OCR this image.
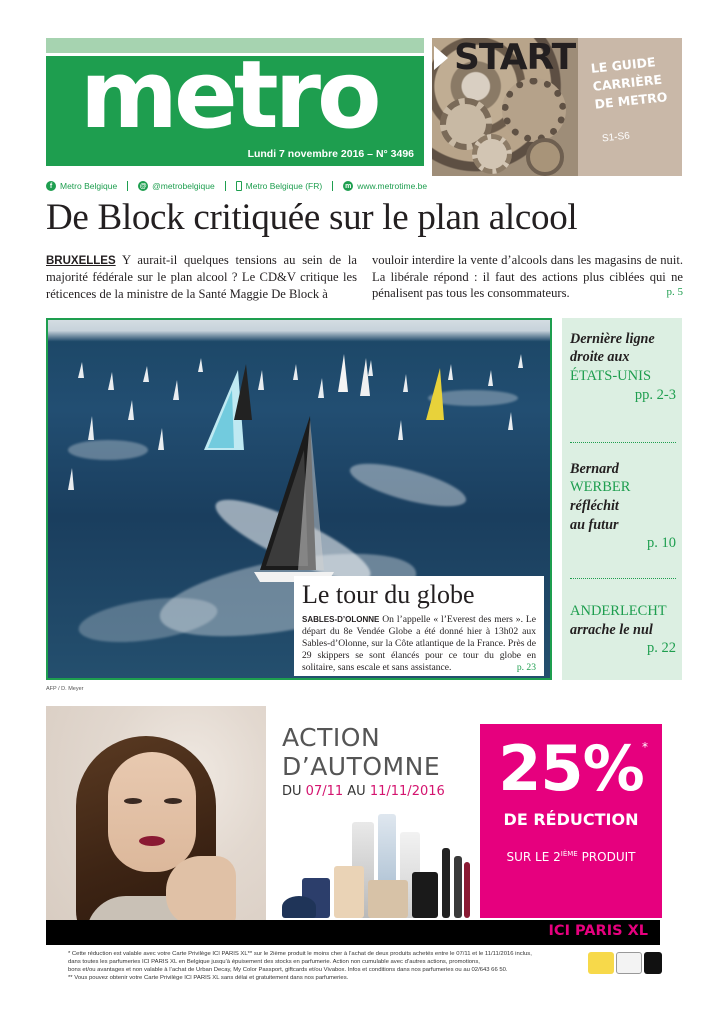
metro
Lundi 7 novembre 2016 – N° 3496
START LE GUIDE
CARRIÈRE
DE METRO
S1-S6
f Metro Belgique	@ @metrobelgique	Metro Belgique (FR)	m www.metrotime.be
De Block critiquée sur le plan alcool

BRUXELLES Y aurait-il quelques tensions au sein de la majorité fédérale sur le plan alcool ? Le CD&V critique les réticences de la ministre de la Santé Maggie De Block à

vouloir interdire la vente d’alcools dans les magasins de nuit. La libérale répond : il faut des actions plus ciblées qui ne pénalisent pas tous les consommateurs.	p. 5

Le tour du globe
SABLES-D’OLONNE On l’appelle « l’Everest des mers ». Le départ du 8e Vendée Globe a été donné hier à 13h02 aux Sables-d’Olonne, sur la Côte atlantique de la France. Près de 29 skippers se sont élancés pour ce tour du globe en solitaire, sans escale et sans assistance.	p. 23
AFP / D. Meyer
Dernière ligne
droite aux
ÉTATS-UNIS
pp. 2-3
Bernard
WERBER
réfléchit
au futur
p. 10
ANDERLECHT
arrache le nul
p. 22
ACTION
D’AUTOMNE
DU 07/11 AU 11/11/2016 25%
*
DE RÉDUCTION
SUR LE 2IÈME PRODUIT
ICI PARIS XL
* Cette réduction est valable avec votre Carte Privilège ICI PARIS XL** sur le 2ième produit le moins cher à l’achat de deux produits achetés entre le 07/11 et le 11/11/2016 inclus,
dans toutes les parfumeries ICI PARIS XL en Belgique jusqu’à épuisement des stocks en parfumerie. Action non cumulable avec d’autres actions, promotions,
bons et/ou avantages et non valable à l’achat de Urban Decay, My Color Passport, giftcards et/ou Vivabox. Infos et conditions dans nos parfumeries ou au 02/643 66 50.
** Vous pouvez obtenir votre Carte Privilège ICI PARIS XL sans délai et gratuitement dans nos parfumeries.
